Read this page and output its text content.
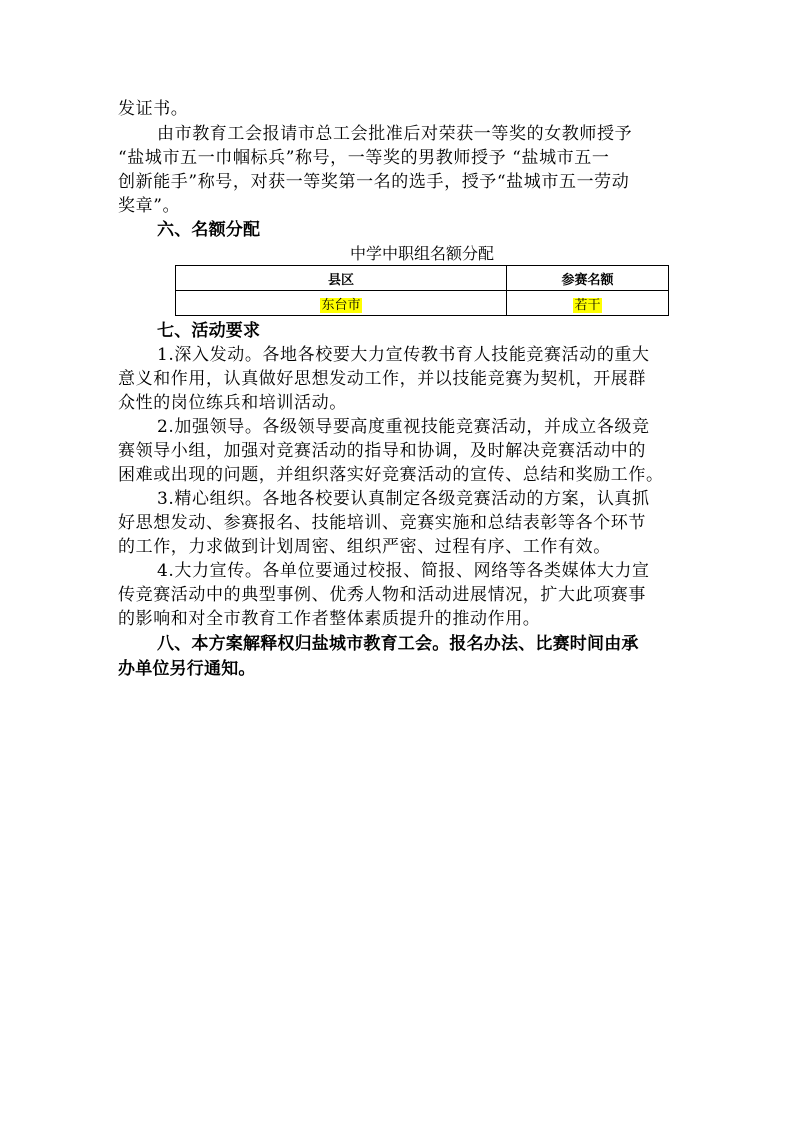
发证书。
由市教育工会报请市总工会批准后对荣获一等奖的女教师授予
“盐城市五一巾帼标兵”称号，一等奖的男教师授予 “盐城市五一
创新能手”称号，对获一等奖第一名的选手，授予“盐城市五一劳动
奖章”。
六、名额分配
中学中职组名额分配
县区	参赛名额
东台市	若干
七、活动要求
1.深入发动。各地各校要大力宣传教书育人技能竞赛活动的重大
意义和作用，认真做好思想发动工作，并以技能竞赛为契机，开展群
众性的岗位练兵和培训活动。
2.加强领导。各级领导要高度重视技能竞赛活动，并成立各级竞
赛领导小组，加强对竞赛活动的指导和协调，及时解决竞赛活动中的
困难或出现的问题，并组织落实好竞赛活动的宣传、总结和奖励工作。
3.精心组织。各地各校要认真制定各级竞赛活动的方案，认真抓
好思想发动、参赛报名、技能培训、竞赛实施和总结表彰等各个环节
的工作，力求做到计划周密、组织严密、过程有序、工作有效。
4.大力宣传。各单位要通过校报、简报、网络等各类媒体大力宣
传竞赛活动中的典型事例、优秀人物和活动进展情况，扩大此项赛事
的影响和对全市教育工作者整体素质提升的推动作用。
八、本方案解释权归盐城市教育工会。报名办法、比赛时间由承
办单位另行通知。
